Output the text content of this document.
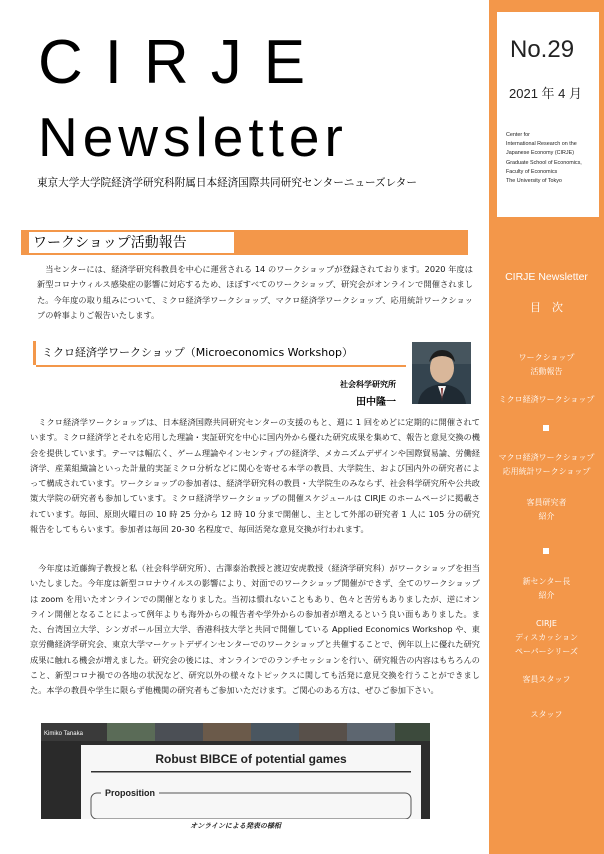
No.29
2021 年 4 月
Center for
International Research on the
Japanese Economy (CIRJE)
Graduate School of Economics,
Faculty of Economics
The University of Tokyo
CIRJE Newsletter
目　次
ワークショップ
活動報告
ミクロ経済ワークショップ
マクロ経済ワークショップ
応用統計ワークショップ
客員研究者
紹介
新センター長
紹介
CIRJE
ディスカッション
ペーパーシリーズ
客員スタッフ
スタッフ
CIRJE
Newsletter
東京大学大学院経済学研究科附属日本経済国際共同研究センターニューズレター
ワークショップ活動報告
当センターには、経済学研究科教員を中心に運営される 14 のワークショップが登録されております。2020 年度は新型コロナウィルス感染症の影響に対応するため、ほぼすべてのワークショップ、研究会がオンラインで開催されました。今年度の取り組みについて、ミクロ経済学ワークショップ、マクロ経済学ワークショップ、応用統計ワークショップの幹事よりご報告いたします。
ミクロ経済学ワークショップ（Microeconomics Workshop）
社会科学研究所
田中隆一
ミクロ経済学ワークショップは、日本経済国際共同研究センターの支援のもと、週に 1 回をめどに定期的に開催されています。ミクロ経済学とそれを応用した理論・実証研究を中心に国内外から優れた研究成果を集めて、報告と意見交換の機会を提供しています。テーマは幅広く、ゲーム理論やインセンティブの経済学、メカニズムデザインや国際貿易論、労働経済学、産業組織論といった計量的実証ミクロ分析などに関心を寄せる本学の教員、大学院生、および国内外の研究者によって構成されています。ワークショップの参加者は、経済学研究科の教員・大学院生のみならず、社会科学研究所や公共政策大学院の研究者も参加しています。ミクロ経済学ワークショップの開催スケジュールは CIRJE のホームページに掲載されています。毎回、原則火曜日の 10 時 25 分から 12 時 10 分まで開催し、主として外部の研究者 1 人に 105 分の研究報告をしてもらいます。参加者は毎回 20-30 名程度で、毎回活発な意見交換が行われます。
今年度は近藤絢子教授と私（社会科学研究所）、古澤泰治教授と渡辺安虎教授（経済学研究科）がワークショップを担当いたしました。今年度は新型コロナウイルスの影響により、対面でのワークショップ開催ができず、全てのワークショップは zoom を用いたオンラインでの開催となりました。当初は慣れないこともあり、色々と苦労もありましたが、逆にオンライン開催となることによって例年よりも海外からの報告者や学外からの参加者が増えるという良い面もありました。また、台湾国立大学、シンガポール国立大学、香港科技大学と共同で開催している Applied Economics Workshop や、東京労働経済学研究会、東京大学マーケットデザインセンターでのワークショップと共催することで、例年以上に優れた研究成果に触れる機会が増えました。研究会の後には、オンラインでのランチセッションを行い、研究報告の内容はもちろんのこと、新型コロナ禍での各地の状況など、研究以外の様々なトピックスに関しても活発に意見交換を行うことができました。本学の教員や学生に限らず他機関の研究者もご参加いただけます。ご関心のある方は、ぜひご参加下さい。
Robust BIBCE of potential games
Proposition
Kimiko Tanaka
オンラインによる発表の様相
